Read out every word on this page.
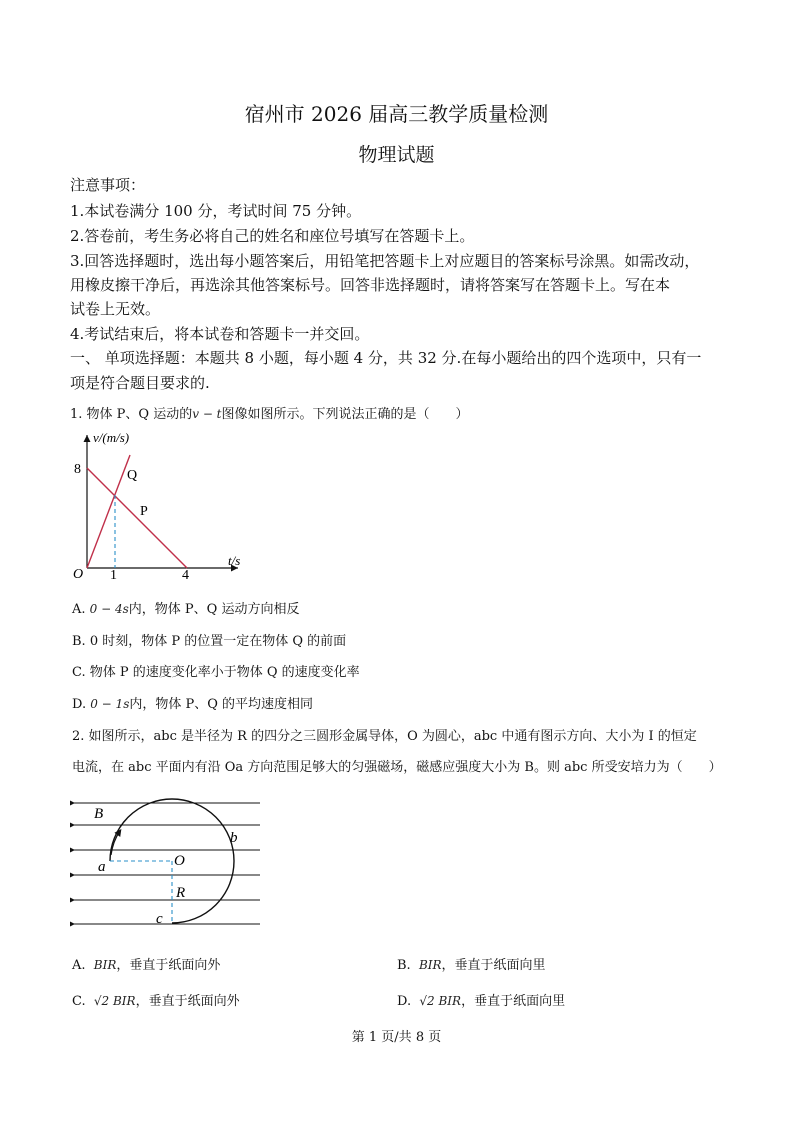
宿州市 2026 届高三教学质量检测
物理试题
注意事项：
1.本试卷满分 100 分，考试时间 75 分钟。
2.答卷前，考生务必将自己的姓名和座位号填写在答题卡上。
3.回答选择题时，选出每小题答案后，用铅笔把答题卡上对应题目的答案标号涂黑。如需改动，
用橡皮擦干净后，再选涂其他答案标号。回答非选择题时，请将答案写在答题卡上。写在本
试卷上无效。
4.考试结束后，将本试卷和答题卡一并交回。
一、 单项选择题：本题共 8 小题，每小题 4 分，共 32 分.在每小题给出的四个选项中，只有一
项是符合题目要求的.
1. 物体 P、Q 运动的v − t图像如图所示。下列说法正确的是（　　）
v/(m/s)
t/s
O
8
1	4
Q
P
A. 0 − 4s内，物体 P、Q 运动方向相反
B. 0 时刻，物体 P 的位置一定在物体 Q 的前面
C. 物体 P 的速度变化率小于物体 Q 的速度变化率
D. 0 − 1s内，物体 P、Q 的平均速度相同
2. 如图所示，abc 是半径为 R 的四分之三圆形金属导体，O 为圆心，abc 中通有图示方向、大小为 I 的恒定
电流，在 abc 平面内有沿 Oa 方向范围足够大的匀强磁场，磁感应强度大小为 B。则 abc 所受安培力为（　　）
B
b
a	O
R
c
A. BIR，垂直于纸面向外	B. BIR，垂直于纸面向里
C. √2 BIR，垂直于纸面向外	D. √2 BIR，垂直于纸面向里
第 1 页/共 8 页
